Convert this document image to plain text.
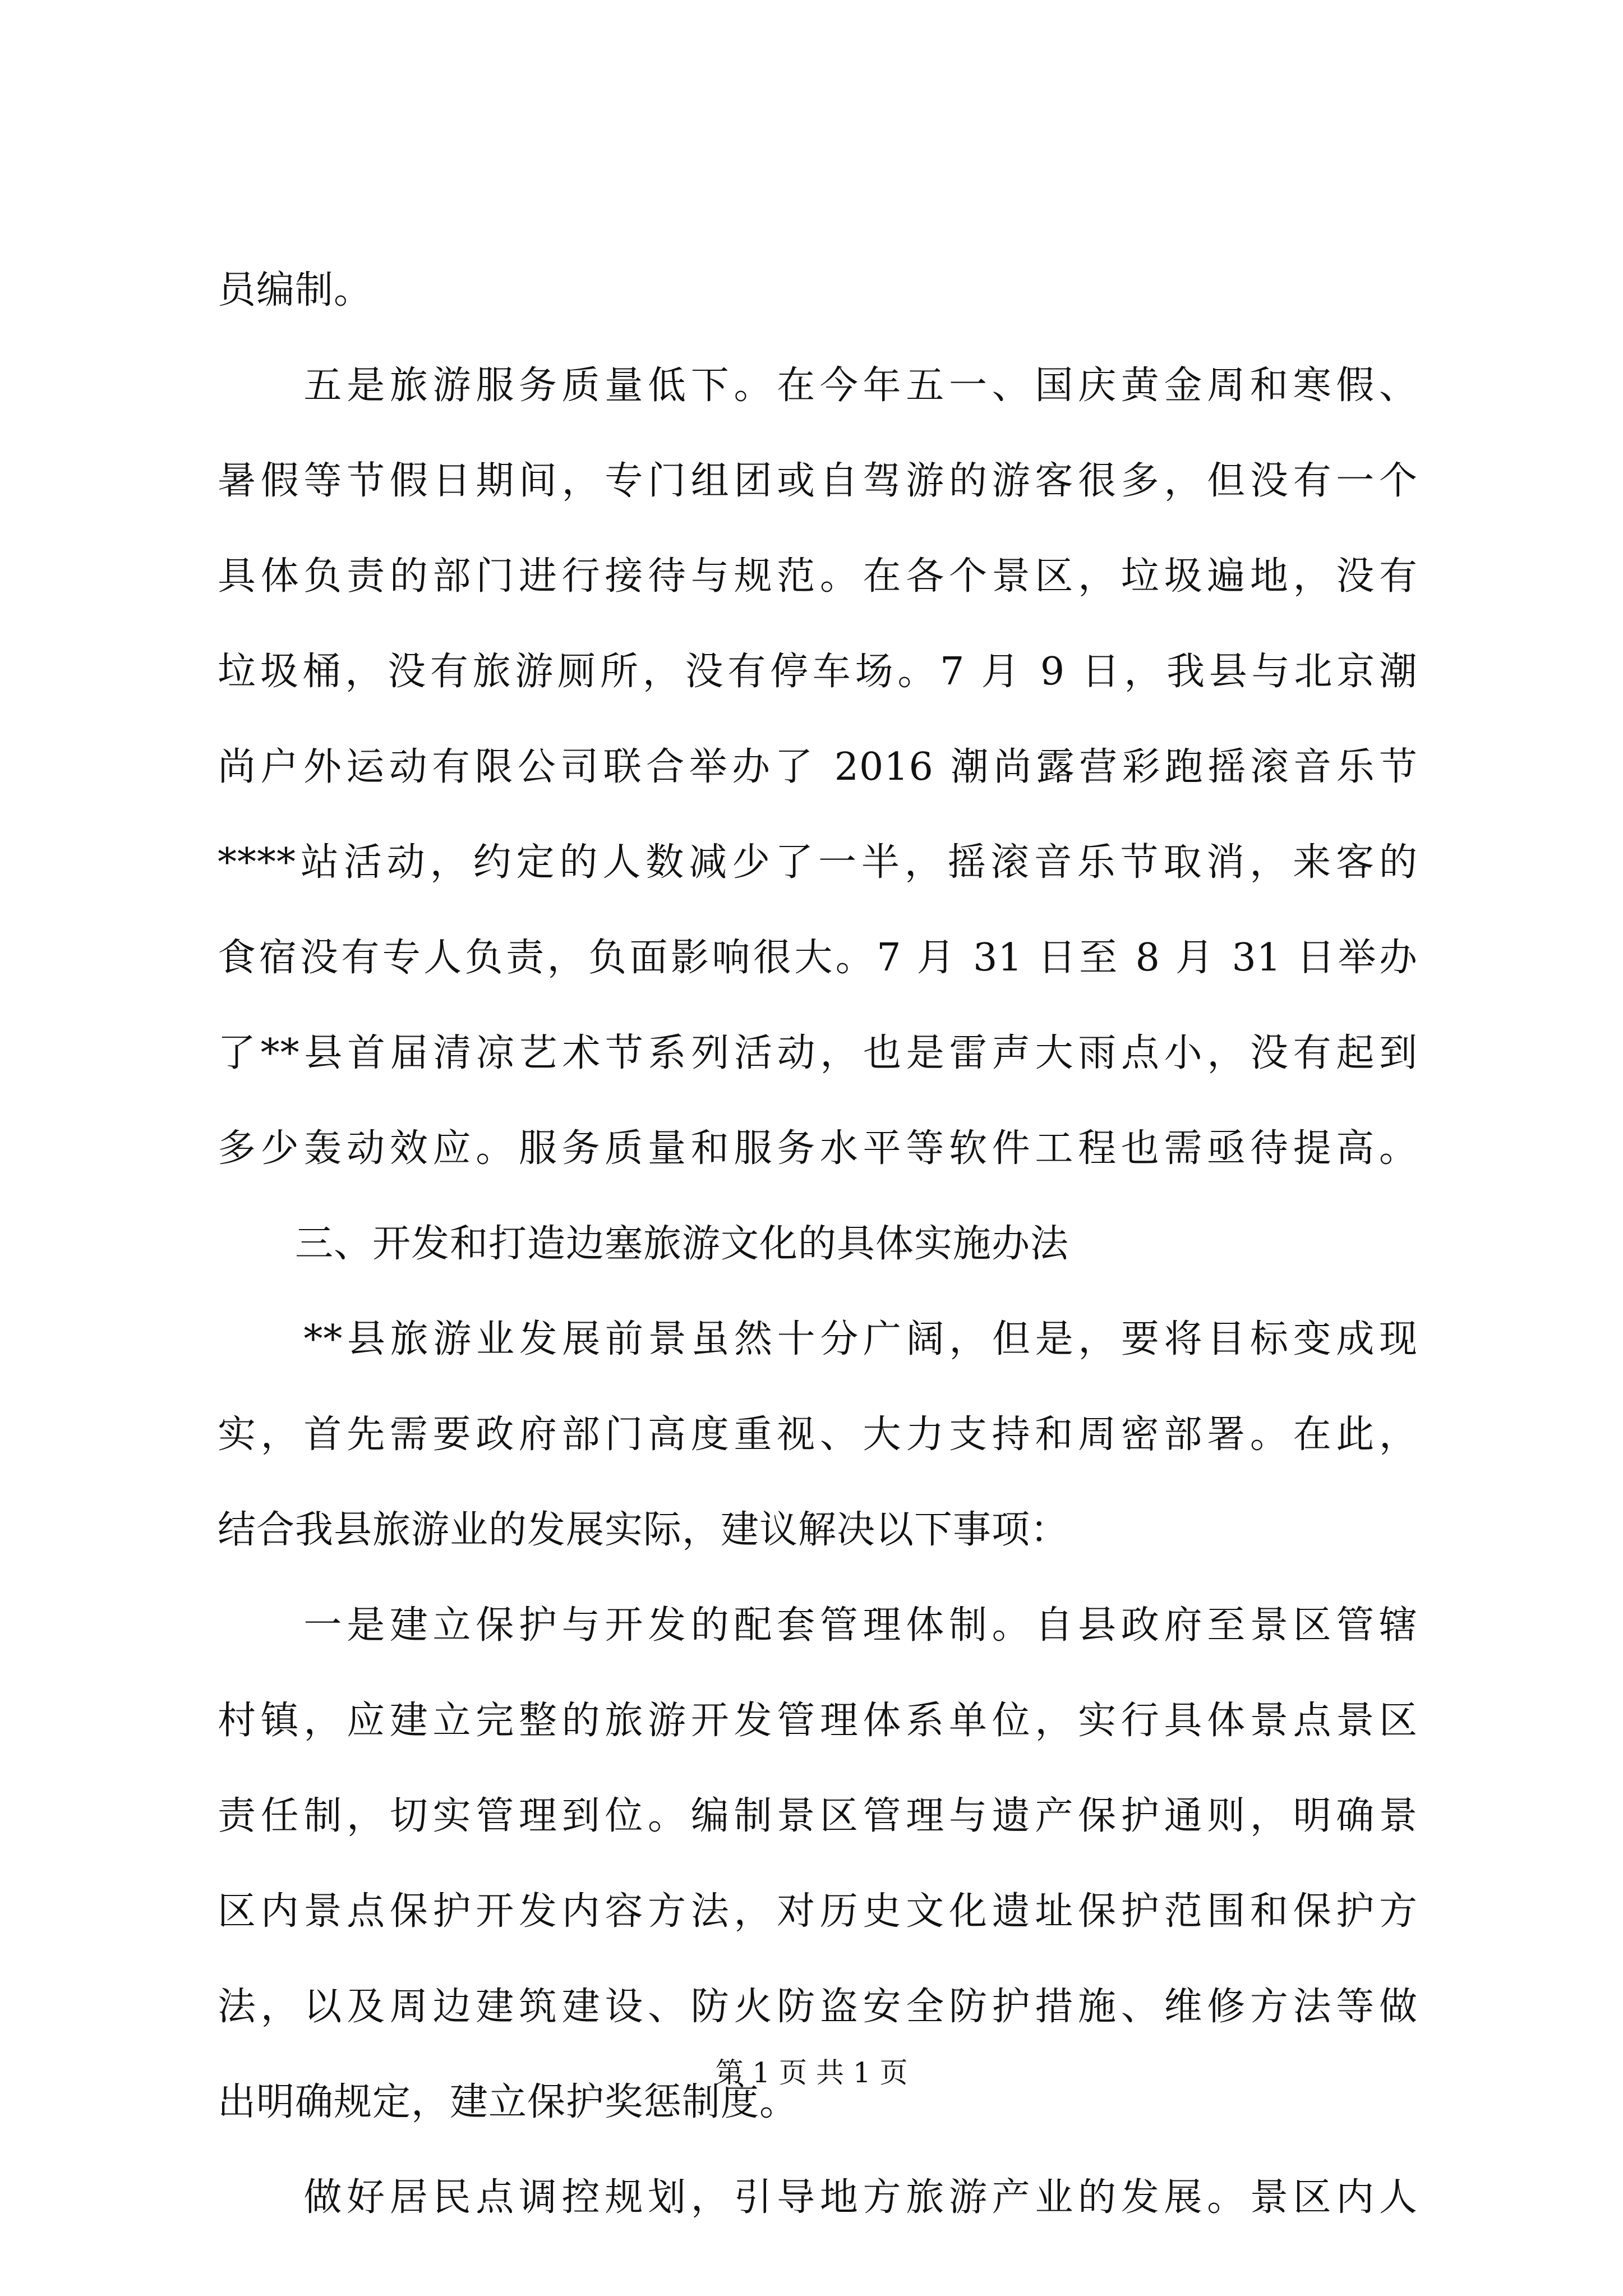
员编制。
　　五是旅游服务质量低下。在今年五一、国庆黄金周和寒假、
暑假等节假日期间，专门组团或自驾游的游客很多，但没有一个
具体负责的部门进行接待与规范。在各个景区，垃圾遍地，没有
垃圾桶，没有旅游厕所，没有停车场。7 月 9 日，我县与北京潮
尚户外运动有限公司联合举办了 2016 潮尚露营彩跑摇滚音乐节
****站活动，约定的人数减少了一半，摇滚音乐节取消，来客的
食宿没有专人负责，负面影响很大。7 月 31 日至 8 月 31 日举办
了**县首届清凉艺术节系列活动，也是雷声大雨点小，没有起到
多少轰动效应。服务质量和服务水平等软件工程也需亟待提高。
　　三、开发和打造边塞旅游文化的具体实施办法
　　**县旅游业发展前景虽然十分广阔，但是，要将目标变成现
实，首先需要政府部门高度重视、大力支持和周密部署。在此，
结合我县旅游业的发展实际，建议解决以下事项：
　　一是建立保护与开发的配套管理体制。自县政府至景区管辖
村镇，应建立完整的旅游开发管理体系单位，实行具体景点景区
责任制，切实管理到位。编制景区管理与遗产保护通则，明确景
区内景点保护开发内容方法，对历史文化遗址保护范围和保护方
法，以及周边建筑建设、防火防盗安全防护措施、维修方法等做
出明确规定，建立保护奖惩制度。
　　做好居民点调控规划，引导地方旅游产业的发展。景区内人
第 1 页 共 1 页
